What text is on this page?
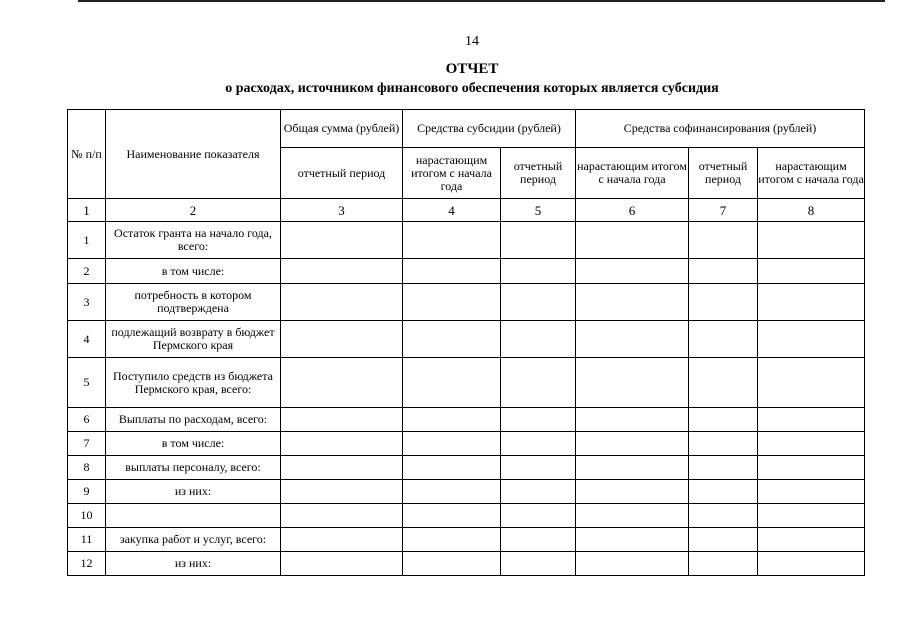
14
ОТЧЕТ
о расходах, источником финансового обеспечения которых является субсидия
№ п/п	Наименование показателя	Общая сумма (рублей)	Средства субсидии (рублей)		Средства софинансирования (рублей)		
		отчетный период	нарастающим итогом с начала года	отчетный период	нарастающим итогом с начала года	отчетный период	нарастающим итогом с начала года
1	2	3	4	5	6	7	8
1	Остаток гранта на начало года, всего:						
2	в том числе:						
3	потребность в котором подтверждена						
4	подлежащий возврату в бюджет Пермского края						
5	Поступило средств из бюджета Пермского края, всего:						
6	Выплаты по расходам, всего:						
7	в том числе:						
8	выплаты персоналу, всего:						
9	из них:						
10							
11	закупка работ и услуг, всего:						
12	из них:						
